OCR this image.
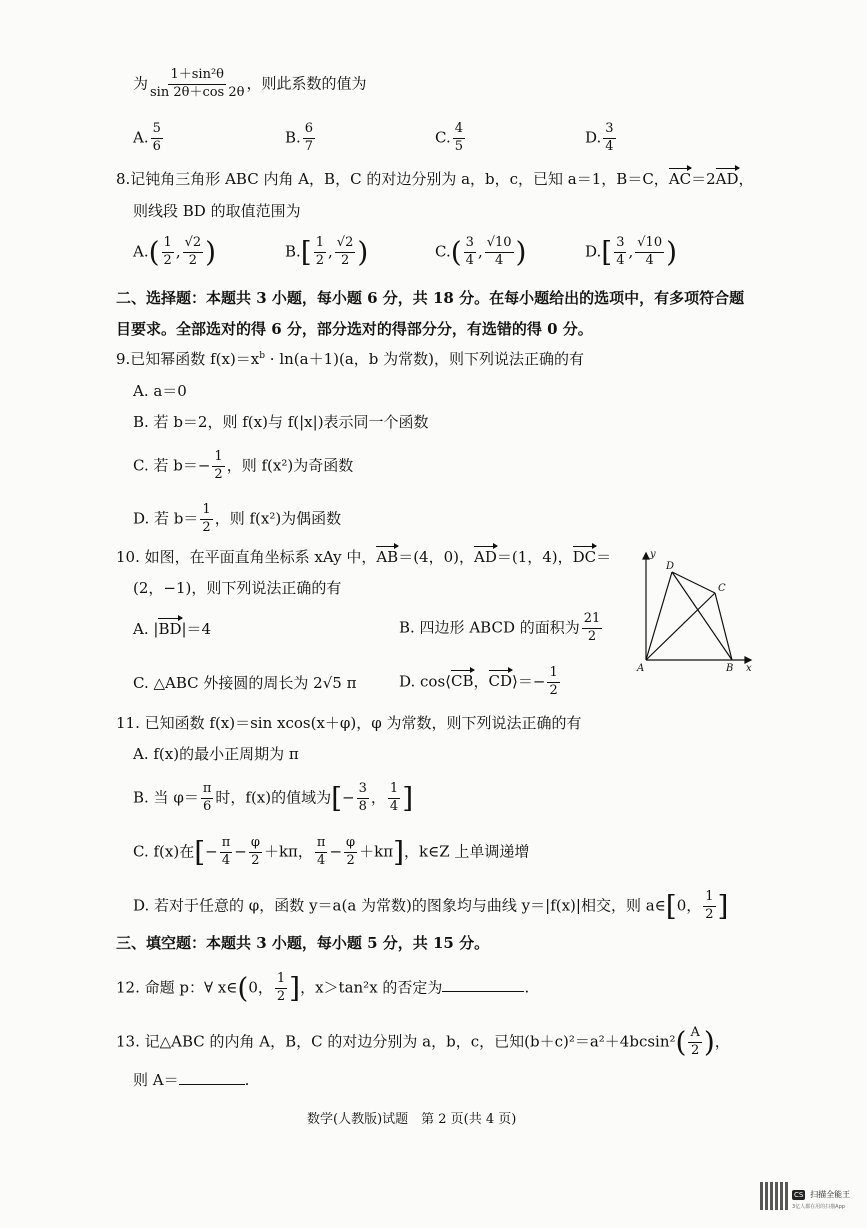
为 $\frac{\text{1＋sin²θ}}{\sin 2\theta+\cos 2\theta}$ ，则此系数的值为
A. $\frac{5}{6}$	B. $\frac{6}{7}$	C. $\frac{4}{5}$	D. $\frac{3}{4}$
8.记钝角三角形 ABC 内角 A，B，C 的对边分别为 a，b，c，已知 a＝1，B＝C，AC＝2AD，
则线段 BD 的取值范围为
$A.( \frac{1}{2}$ , $\frac{√2}{2}$ )	$B.[ \frac{1}{2}$ , $\frac{√2}{2}$ )	$C.( \frac{3}{4}$ , $\frac{√10}{4}$ )	$D.[ \frac{3}{4}$ , $\frac{√10}{4}$ )
二、选择题：本题共 3 小题，每小题 6 分，共 18 分。在每小题给出的选项中，有多项符合题
目要求。全部选对的得 6 分，部分选对的得部分分，有选错的得 0 分。
9.已知幂函数 $f(x)=x^b \cdot \ln(a+1)(a$，b 为常数)，则下列说法正确的有
A. a＝0
B. 若 b＝2，则 f(x)与 f(|x|)表示同一个函数
C. 若 $b=- \frac{1}{2}$ ，则 f(x²)为奇函数
D. 若 $b= \frac{1}{2}$ ，则 f(x²)为偶函数
10. 如图，在平面直角坐标系 xAy 中，AB＝(4，0)，AD＝(1，4)，DC＝
(2，−1)，则下列说法正确的有
A. |BD|＝4	B. 四边形 ABCD 的面积为 $\frac{21}{2}$
C. △ABC 外接圆的周长为 2√5 π	D. cos⟨CB，CD⟩＝− $\frac{1}{2}$	A	B
C
D
x
y
11. 已知函数 f(x)＝sin xcos(x＋φ)，φ 为常数，则下列说法正确的有
A. f(x)的最小正周期为 π
B. 当 $\varphi= \frac{\pi}{6}$ 时，f(x)的值域为[− $\frac{3}{8}$ ， $\frac{1}{4}$ ]
C. f(x)在[− $\frac{\pi}{4} - \frac{\varphi}{2} +k\pi$， $\frac{\pi}{4} - \frac{\varphi}{2} +k\pi$]，k∈Z 上单调递增
D. 若对于任意的 φ，函数 y＝a(a 为常数)的图象均与曲线 y＝|f(x)|相交，则 a∈[0， $\frac{1}{2}$ ]
三、填空题：本题共 3 小题，每小题 5 分，共 15 分。
12. 命题 p：∀ x∈(0， $\frac{1}{2}$ ]，x＞tan²x 的否定为	.
13. 记△ABC 的内角 A，B，C 的对边分别为 a，b，c，已知$(b+c)^2=a^2+4bcsin^2( \frac{A}{2}$ )，
则 A＝	.
数学(人教版)试题　第 2 页(共 4 页)
CS 扫描全能王
3亿人都在用的扫描App
